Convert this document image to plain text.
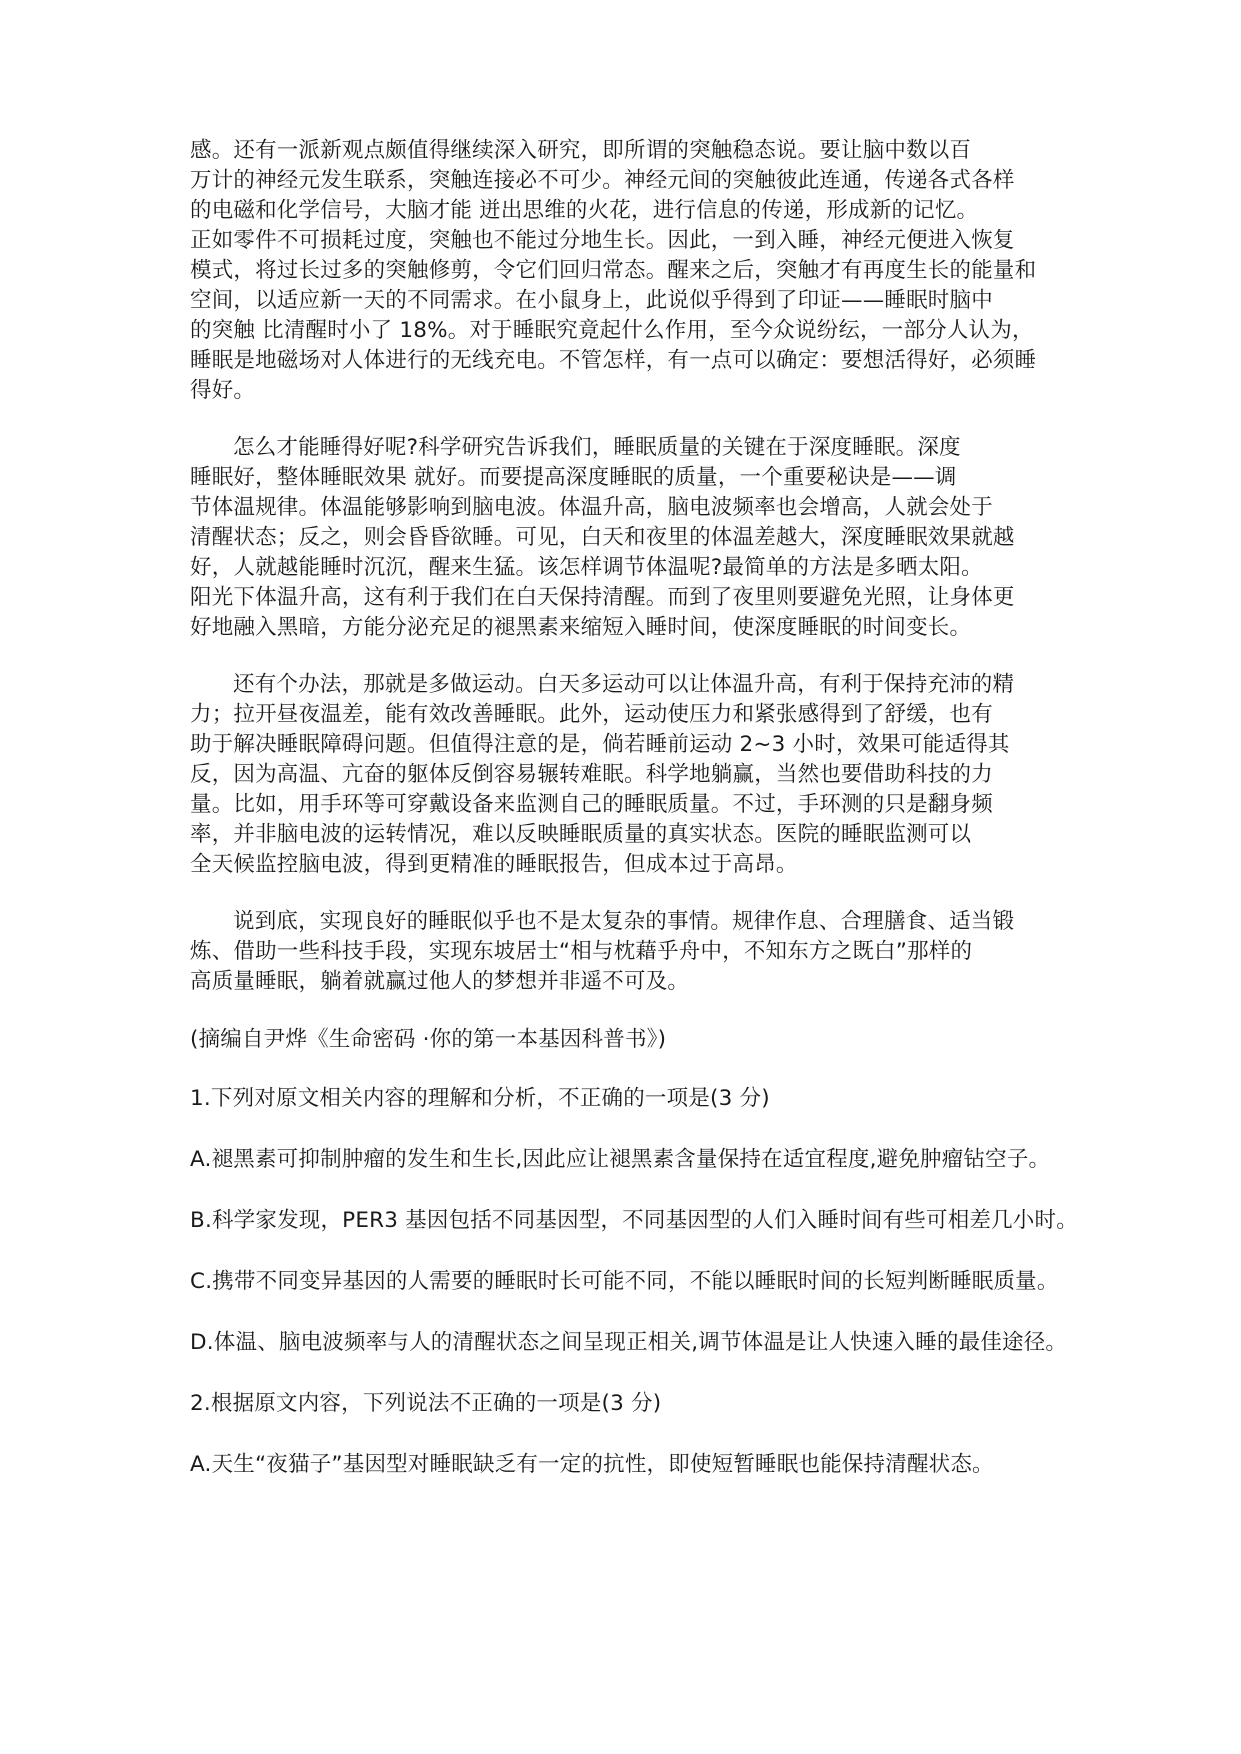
感。还有一派新观点颇值得继续深入研究，即所谓的突触稳态说。要让脑中数以百
万计的神经元发生联系，突触连接必不可少。神经元间的突触彼此连通，传递各式各样
的电磁和化学信号，大脑才能 迸出思维的火花，进行信息的传递，形成新的记忆。
正如零件不可损耗过度，突触也不能过分地生长。因此，一到入睡，神经元便进入恢复
模式，将过长过多的突触修剪，令它们回归常态。醒来之后，突触才有再度生长的能量和
空间，以适应新一天的不同需求。在小鼠身上，此说似乎得到了印证——睡眠时脑中
的突触 比清醒时小了 18%。对于睡眠究竟起什么作用，至今众说纷纭，一部分人认为，
睡眠是地磁场对人体进行的无线充电。不管怎样，有一点可以确定：要想活得好，必须睡
得好。
怎么才能睡得好呢?科学研究告诉我们，睡眠质量的关键在于深度睡眠。深度
睡眠好，整体睡眠效果 就好。而要提高深度睡眠的质量，一个重要秘诀是——调
节体温规律。体温能够影响到脑电波。体温升高，脑电波频率也会增高，人就会处于
清醒状态；反之，则会昏昏欲睡。可见，白天和夜里的体温差越大，深度睡眠效果就越
好，人就越能睡时沉沉，醒来生猛。该怎样调节体温呢?最简单的方法是多晒太阳。
阳光下体温升高，这有利于我们在白天保持清醒。而到了夜里则要避免光照，让身体更
好地融入黑暗，方能分泌充足的褪黑素来缩短入睡时间，使深度睡眠的时间变长。
还有个办法，那就是多做运动。白天多运动可以让体温升高，有利于保持充沛的精
力；拉开昼夜温差，能有效改善睡眠。此外，运动使压力和紧张感得到了舒缓，也有
助于解决睡眠障碍问题。但值得注意的是，倘若睡前运动 2~3 小时，效果可能适得其
反，因为高温、亢奋的躯体反倒容易辗转难眠。科学地躺赢，当然也要借助科技的力
量。比如，用手环等可穿戴设备来监测自己的睡眠质量。不过，手环测的只是翻身频
率，并非脑电波的运转情况，难以反映睡眠质量的真实状态。医院的睡眠监测可以
全天候监控脑电波，得到更精准的睡眠报告，但成本过于高昂。
说到底，实现良好的睡眠似乎也不是太复杂的事情。规律作息、合理膳食、适当锻
炼、借助一些科技手段，实现东坡居士“相与枕藉乎舟中，不知东方之既白”那样的
高质量睡眠，躺着就赢过他人的梦想并非遥不可及。
(摘编自尹烨《生命密码 ·你的第一本基因科普书》)
1.下列对原文相关内容的理解和分析，不正确的一项是(3 分)
A.褪黑素可抑制肿瘤的发生和生长,因此应让褪黑素含量保持在适宜程度,避免肿瘤钻空子。
B.科学家发现，PER3 基因包括不同基因型，不同基因型的人们入睡时间有些可相差几小时。
C.携带不同变异基因的人需要的睡眠时长可能不同，不能以睡眠时间的长短判断睡眠质量。
D.体温、脑电波频率与人的清醒状态之间呈现正相关,调节体温是让人快速入睡的最佳途径。
2.根据原文内容，下列说法不正确的一项是(3 分)
A.天生“夜猫子”基因型对睡眠缺乏有一定的抗性，即使短暂睡眠也能保持清醒状态。
